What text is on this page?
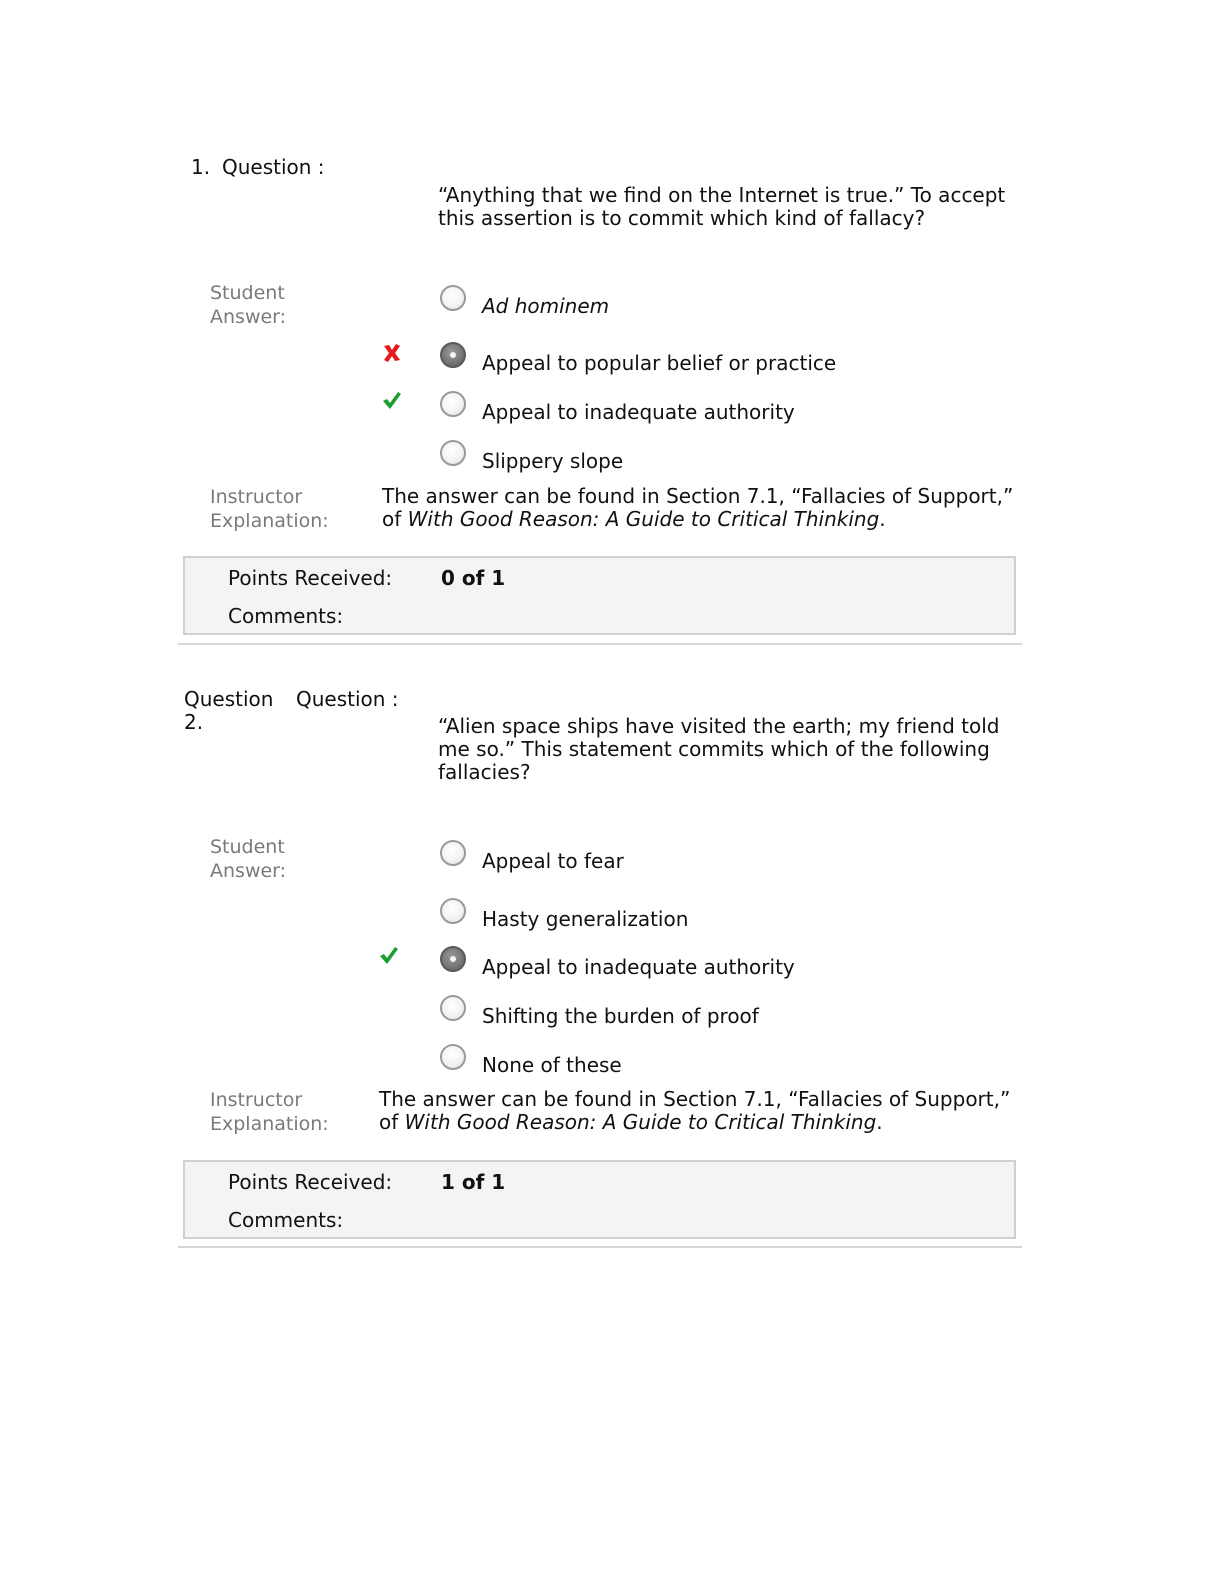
1. Question :
“Anything that we find on the Internet is true.” To accept this assertion is to commit which kind of fallacy?
Student Answer:	Ad hominem
Appeal to popular belief or practice
Appeal to inadequate authority
Slippery slope
Instructor Explanation:
The answer can be found in Section 7.1, “Fallacies of Support,” of With Good Reason: A Guide to Critical Thinking.
Points Received: 0 of 1
Comments:
Question 2.
Question :
“Alien space ships have visited the earth; my friend told me so.” This statement commits which of the following fallacies?
Student Answer:	Appeal to fear
Hasty generalization
Appeal to inadequate authority
Shifting the burden of proof
None of these
Instructor Explanation:
The answer can be found in Section 7.1, “Fallacies of Support,” of With Good Reason: A Guide to Critical Thinking.
Points Received: 1 of 1
Comments:
